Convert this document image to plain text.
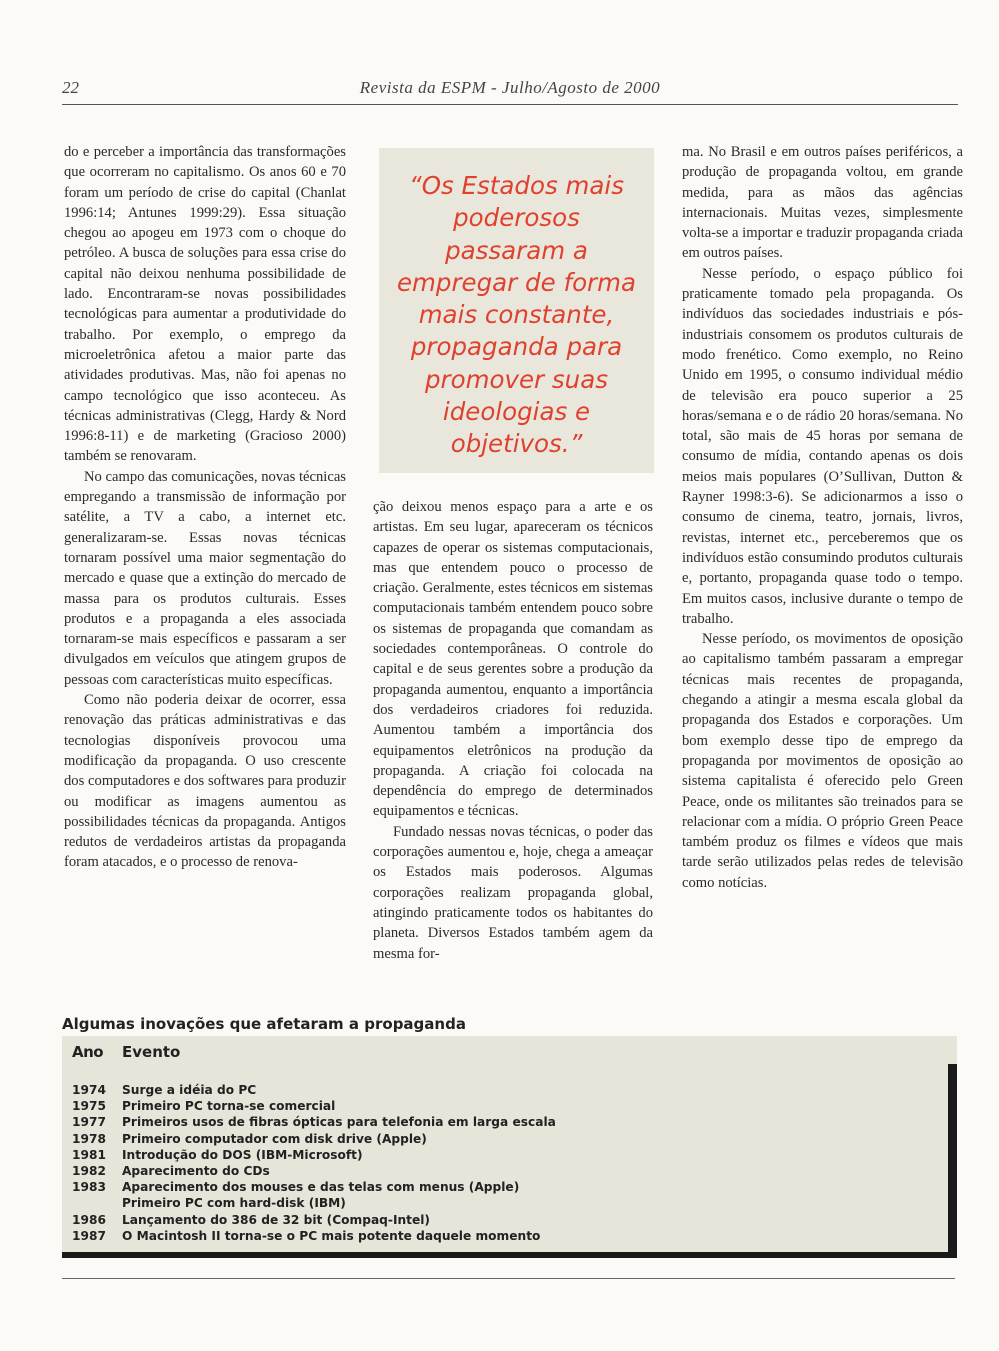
22	Revista da ESPM - Julho/Agosto de 2000

do e perceber a importância das transformações que ocorreram no capitalismo. Os anos 60 e 70 foram um período de crise do capital (Chanlat 1996:14; Antunes 1999:29). Essa situação chegou ao apogeu em 1973 com o choque do petróleo. A busca de soluções para essa crise do capital não deixou nenhuma possibilidade de lado. Encontraram-se novas possibilidades tecnológicas para aumentar a produtividade do trabalho. Por exemplo, o emprego da microeletrônica afetou a maior parte das atividades produtivas. Mas, não foi apenas no campo tecnológico que isso aconteceu. As técnicas administrativas (Clegg, Hardy & Nord 1996:8-11) e de marketing (Gracioso 2000) também se renovaram.

No campo das comunicações, novas técnicas empregando a transmissão de informação por satélite, a TV a cabo, a internet etc. generalizaram-se. Essas novas técnicas tornaram possível uma maior segmentação do mercado e quase que a extinção do mercado de massa para os produtos culturais. Esses produtos e a propaganda a eles associada tornaram-se mais específicos e passaram a ser divulgados em veículos que atingem grupos de pessoas com características muito específicas.

Como não poderia deixar de ocorrer, essa renovação das práticas administrativas e das tecnologias disponíveis provocou uma modificação da propaganda. O uso crescente dos computadores e dos softwares para produzir ou modificar as imagens aumentou as possibilidades técnicas da propaganda. Antigos redutos de verdadeiros artistas da propaganda foram atacados, e o processo de renova-

“Os Estados mais
poderosos
passaram a
empregar de forma
mais constante,
propaganda para
promover suas
ideologias e
objetivos.”

ção deixou menos espaço para a arte e os artistas. Em seu lugar, apareceram os técnicos capazes de operar os sistemas computacionais, mas que entendem pouco o processo de criação. Geralmente, estes técnicos em sistemas computacionais também entendem pouco sobre os sistemas de propaganda que comandam as sociedades contemporâneas. O controle do capital e de seus gerentes sobre a produção da propaganda aumentou, enquanto a importância dos verdadeiros criadores foi reduzida. Aumentou também a importância dos equipamentos eletrônicos na produção da propaganda. A criação foi colocada na dependência do emprego de determinados equipamentos e técnicas.

Fundado nessas novas técnicas, o poder das corporações aumentou e, hoje, chega a ameaçar os Estados mais poderosos. Algumas corporações realizam propaganda global, atingindo praticamente todos os habitantes do planeta. Diversos Estados também agem da mesma for-

ma. No Brasil e em outros países periféricos, a produção de propaganda voltou, em grande medida, para as mãos das agências internacionais. Muitas vezes, simplesmente volta-se a importar e traduzir propaganda criada em outros países.

Nesse período, o espaço público foi praticamente tomado pela propaganda. Os indivíduos das sociedades industriais e pós-industriais consomem os produtos culturais de modo frenético. Como exemplo, no Reino Unido em 1995, o consumo individual médio de televisão era pouco superior a 25 horas/semana e o de rádio 20 horas/semana. No total, são mais de 45 horas por semana de consumo de mídia, contando apenas os dois meios mais populares (O’Sullivan, Dutton & Rayner 1998:3-6). Se adicionarmos a isso o consumo de cinema, teatro, jornais, livros, revistas, internet etc., perceberemos que os indivíduos estão consumindo produtos culturais e, portanto, propaganda quase todo o tempo. Em muitos casos, inclusive durante o tempo de trabalho.

Nesse período, os movimentos de oposição ao capitalismo também passaram a empregar técnicas mais recentes de propaganda, chegando a atingir a mesma escala global da propaganda dos Estados e corporações. Um bom exemplo desse tipo de emprego da propaganda por movimentos de oposição ao sistema capitalista é oferecido pelo Green Peace, onde os militantes são treinados para se relacionar com a mídia. O próprio Green Peace também produz os filmes e vídeos que mais tarde serão utilizados pelas redes de televisão como notícias.

Algumas inovações que afetaram a propaganda
Ano Evento
1974	Surge a idéia do PC
1975	Primeiro PC torna-se comercial
1977	Primeiros usos de fibras ópticas para telefonia em larga escala
1978	Primeiro computador com disk drive (Apple)
1981	Introdução do DOS (IBM-Microsoft)
1982	Aparecimento do CDs
1983	Aparecimento dos mouses e das telas com menus (Apple)
Primeiro PC com hard-disk (IBM)
1986	Lançamento do 386 de 32 bit (Compaq-Intel)
1987	O Macintosh II torna-se o PC mais potente daquele momento
